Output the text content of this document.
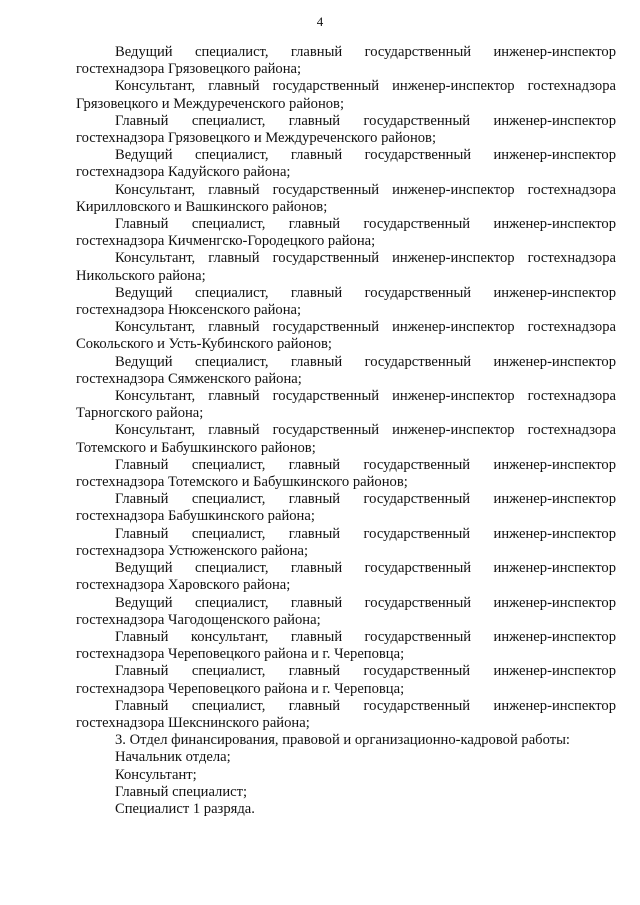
4

Ведущий специалист, главный государственный инженер-инспектор гостехнадзора Грязовецкого района;

Консультант, главный государственный инженер-инспектор гостехнадзора Грязовецкого и Междуреченского районов;

Главный специалист, главный государственный инженер-инспектор гостехнадзора Грязовецкого и Междуреченского районов;

Ведущий специалист, главный государственный инженер-инспектор гостехнадзора Кадуйского района;

Консультант, главный государственный инженер-инспектор гостехнадзора Кирилловского и Вашкинского районов;

Главный специалист, главный государственный инженер-инспектор гостехнадзора Кичменгско-Городецкого района;

Консультант, главный государственный инженер-инспектор гостехнадзора Никольского района;

Ведущий специалист, главный государственный инженер-инспектор гостехнадзора Нюксенского района;

Консультант, главный государственный инженер-инспектор гостехнадзора Сокольского и Усть-Кубинского районов;

Ведущий специалист, главный государственный инженер-инспектор гостехнадзора Сямженского района;

Консультант, главный государственный инженер-инспектор гостехнадзора Тарногского района;

Консультант, главный государственный инженер-инспектор гостехнадзора Тотемского и Бабушкинского районов;

Главный специалист, главный государственный инженер-инспектор гостехнадзора Тотемского и Бабушкинского районов;

Главный специалист, главный государственный инженер-инспектор гостехнадзора Бабушкинского района;

Главный специалист, главный государственный инженер-инспектор гостехнадзора Устюженского района;

Ведущий специалист, главный государственный инженер-инспектор гостехнадзора Харовского района;

Ведущий специалист, главный государственный инженер-инспектор гостехнадзора Чагодощенского района;

Главный консультант, главный государственный инженер-инспектор гостехнадзора Череповецкого района и г. Череповца;

Главный специалист, главный государственный инженер-инспектор гостехнадзора Череповецкого района и г. Череповца;

Главный специалист, главный государственный инженер-инспектор гостехнадзора Шекснинского района;

3. Отдел финансирования, правовой и организационно-кадровой работы:

Начальник отдела;

Консультант;

Главный специалист;

Специалист 1 разряда.
